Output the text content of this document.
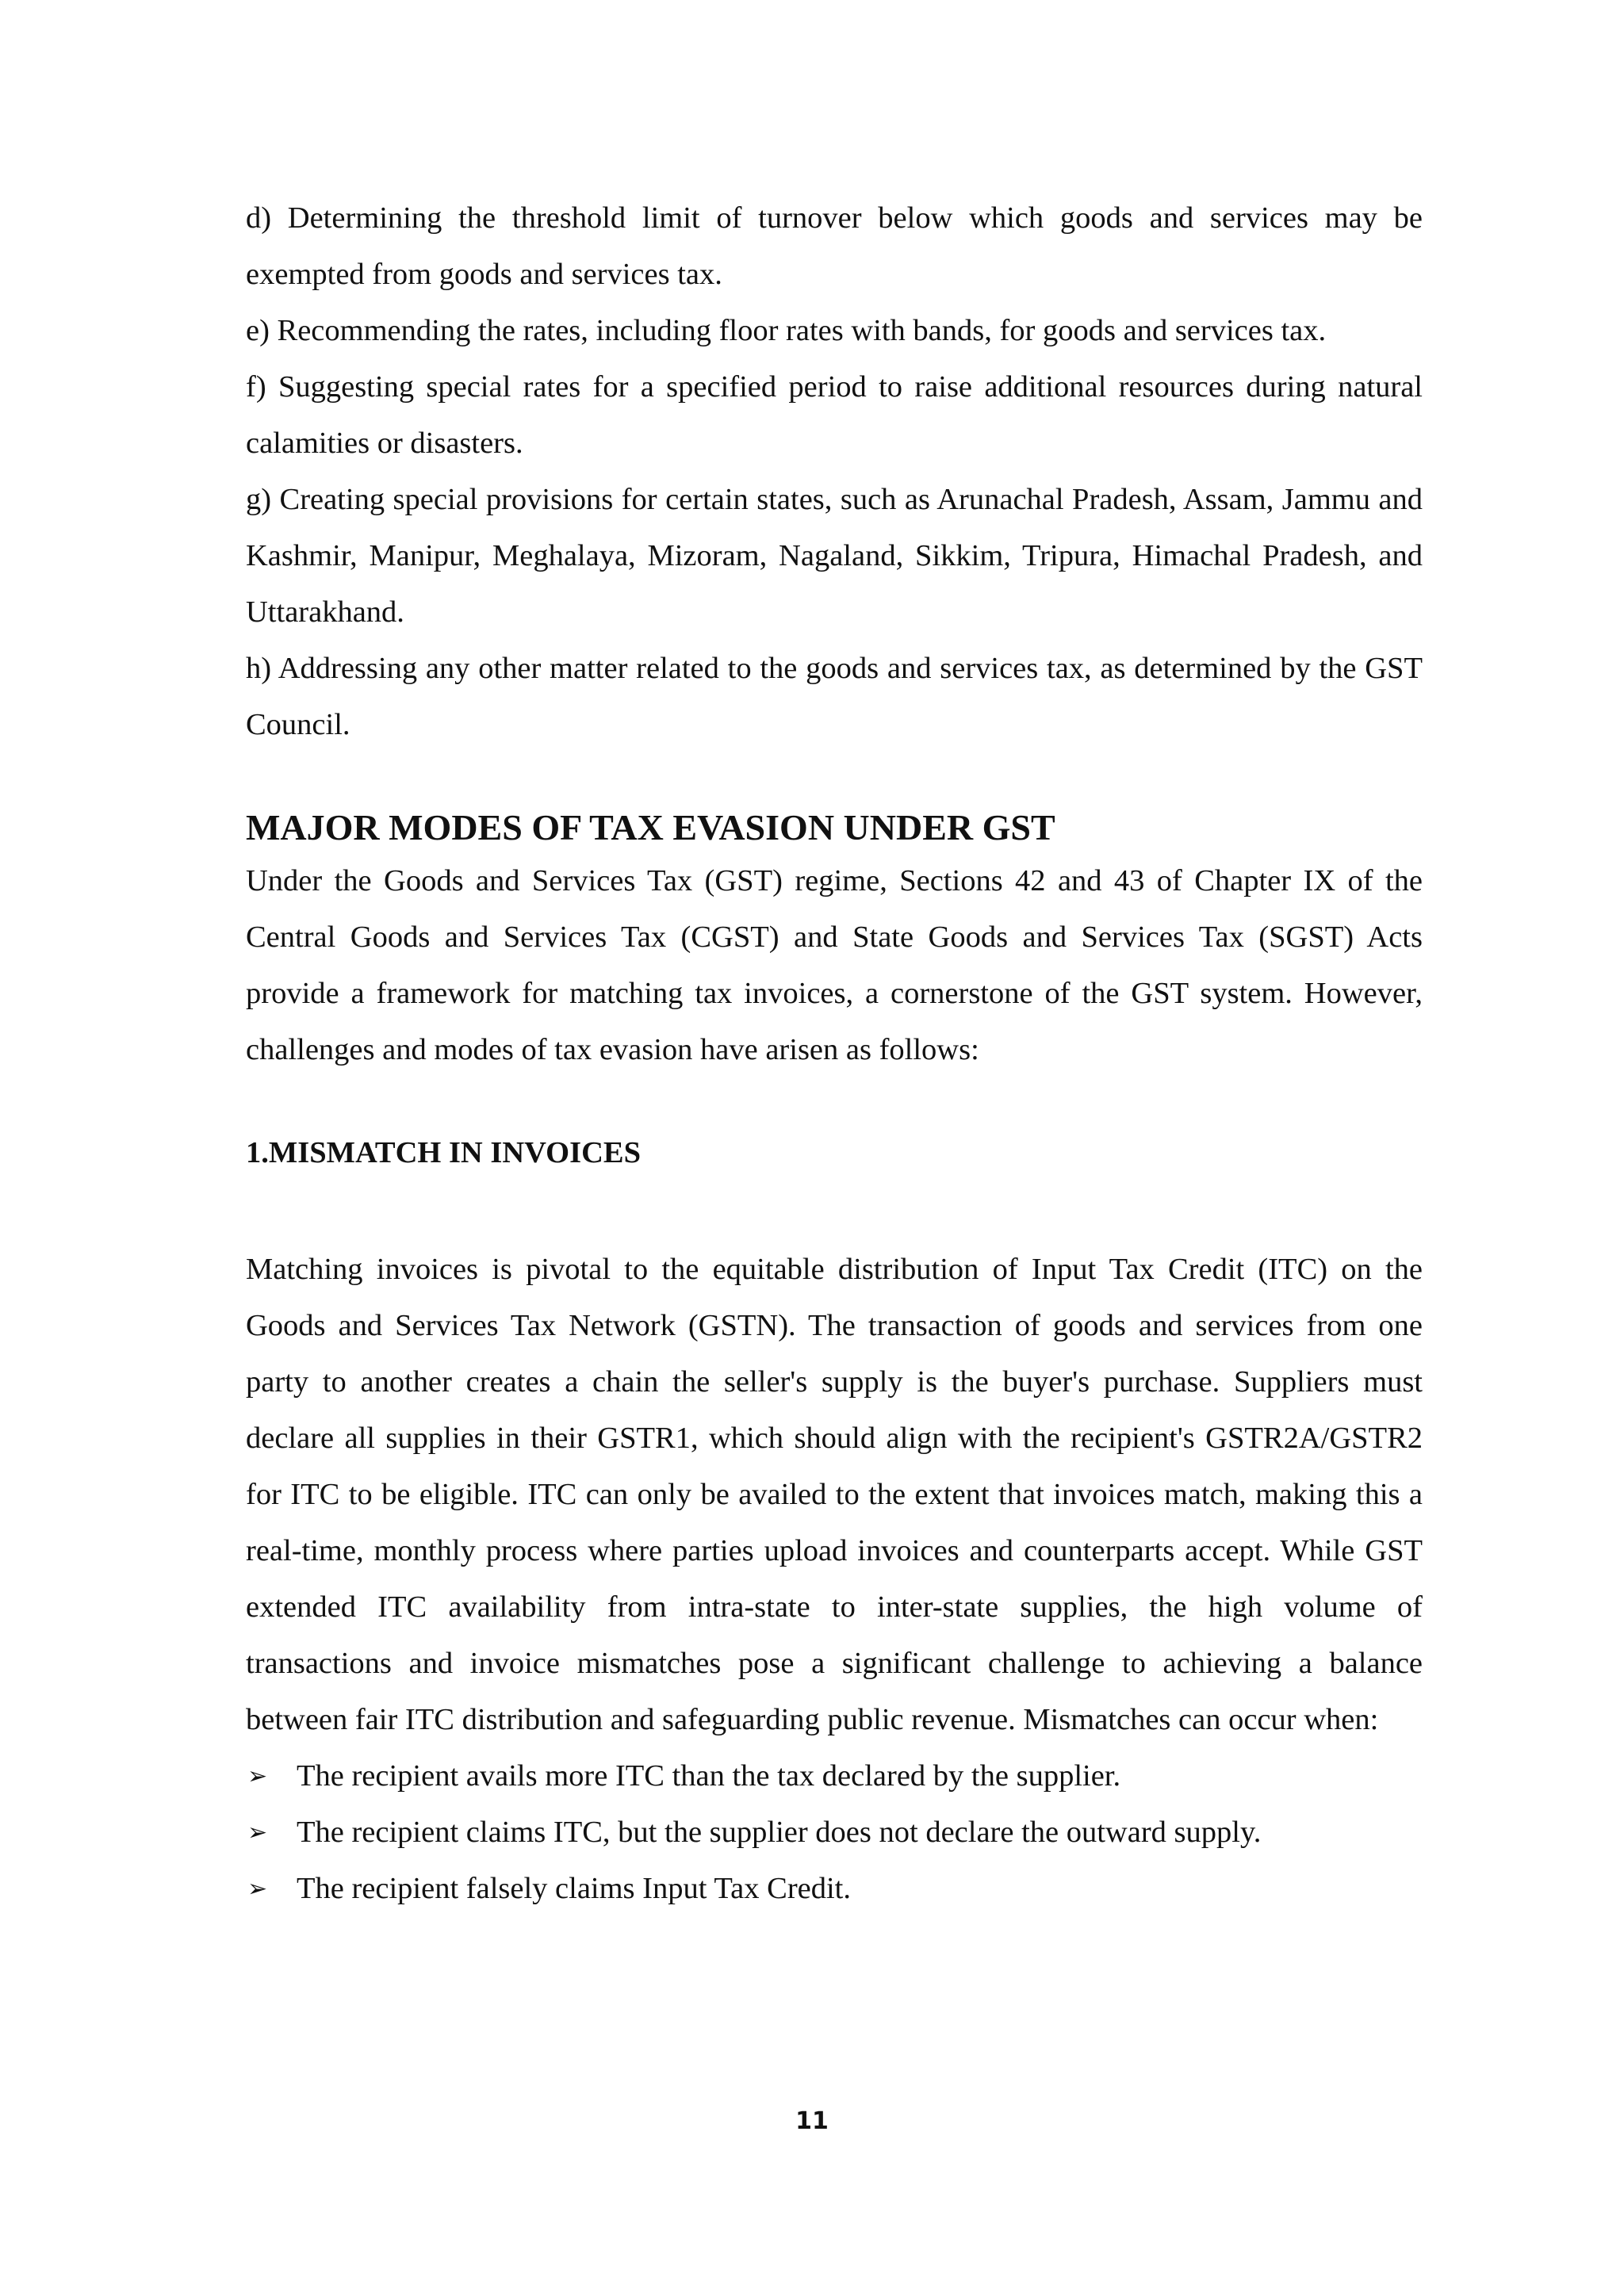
d) Determining the threshold limit of turnover below which goods and services may be exempted from goods and services tax.

e) Recommending the rates, including floor rates with bands, for goods and services tax.

f) Suggesting special rates for a specified period to raise additional resources during natural calamities or disasters.

g) Creating special provisions for certain states, such as Arunachal Pradesh, Assam, Jammu and Kashmir, Manipur, Meghalaya, Mizoram, Nagaland, Sikkim, Tripura, Himachal Pradesh, and Uttarakhand.

h) Addressing any other matter related to the goods and services tax, as determined by the GST Council.

MAJOR MODES OF TAX EVASION UNDER GST

Under the Goods and Services Tax (GST) regime, Sections 42 and 43 of Chapter IX of the Central Goods and Services Tax (CGST) and State Goods and Services Tax (SGST) Acts provide a framework for matching tax invoices, a cornerstone of the GST system. However, challenges and modes of tax evasion have arisen as follows:

1.MISMATCH IN INVOICES

Matching invoices is pivotal to the equitable distribution of Input Tax Credit (ITC) on the Goods and Services Tax Network (GSTN). The transaction of goods and services from one party to another creates a chain the seller's supply is the buyer's purchase. Suppliers must declare all supplies in their GSTR1, which should align with the recipient's GSTR2A/GSTR2 for ITC to be eligible. ITC can only be availed to the extent that invoices match, making this a real-time, monthly process where parties upload invoices and counterparts accept. While GST extended ITC availability from intra-state to inter-state supplies, the high volume of transactions and invoice mismatches pose a significant challenge to achieving a balance between fair ITC distribution and safeguarding public revenue. Mismatches can occur when:

➢ The recipient avails more ITC than the tax declared by the supplier.
➢ The recipient claims ITC, but the supplier does not declare the outward supply.
➢ The recipient falsely claims Input Tax Credit.
11
